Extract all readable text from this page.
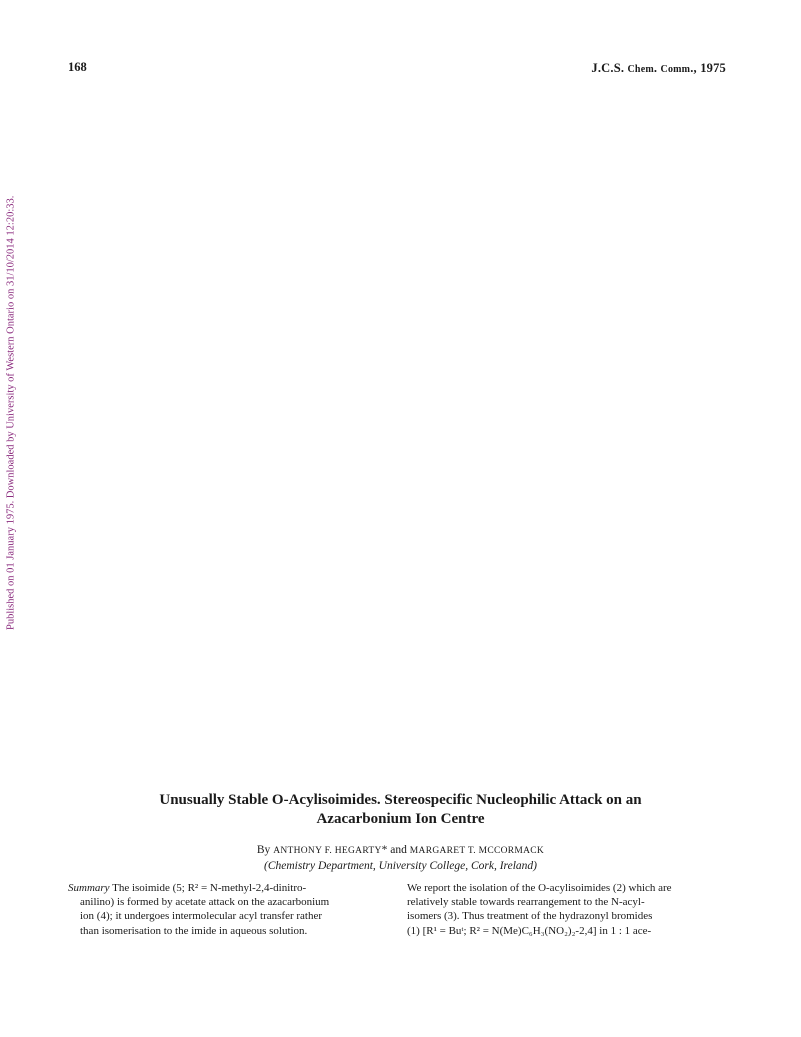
168	J.C.S. Chem. Comm., 1975
Published on 01 January 1975. Downloaded by University of Western Ontario on 31/10/2014 12:20:33.
Unusually Stable O-Acylisoimides. Stereospecific Nucleophilic Attack on an
Azacarbonium Ion Centre
By ANTHONY F. HEGARTY* and MARGARET T. MCCORMACK
(Chemistry Department, University College, Cork, Ireland)
Summary The isoimide (5; R² = N-methyl-2,4-dinitro-
anilino) is formed by acetate attack on the azacarbonium
ion (4); it undergoes intermolecular acyl transfer rather
than isomerisation to the imide in aqueous solution.
We report the isolation of the O-acylisoimides (2) which are
relatively stable towards rearrangement to the N-acyl-
isomers (3). Thus treatment of the hydrazonyl bromides
(1) [R¹ = Buᵗ; R² = N(Me)C₆H₃(NO₂)₂-2,4] in 1 : 1 ace-
